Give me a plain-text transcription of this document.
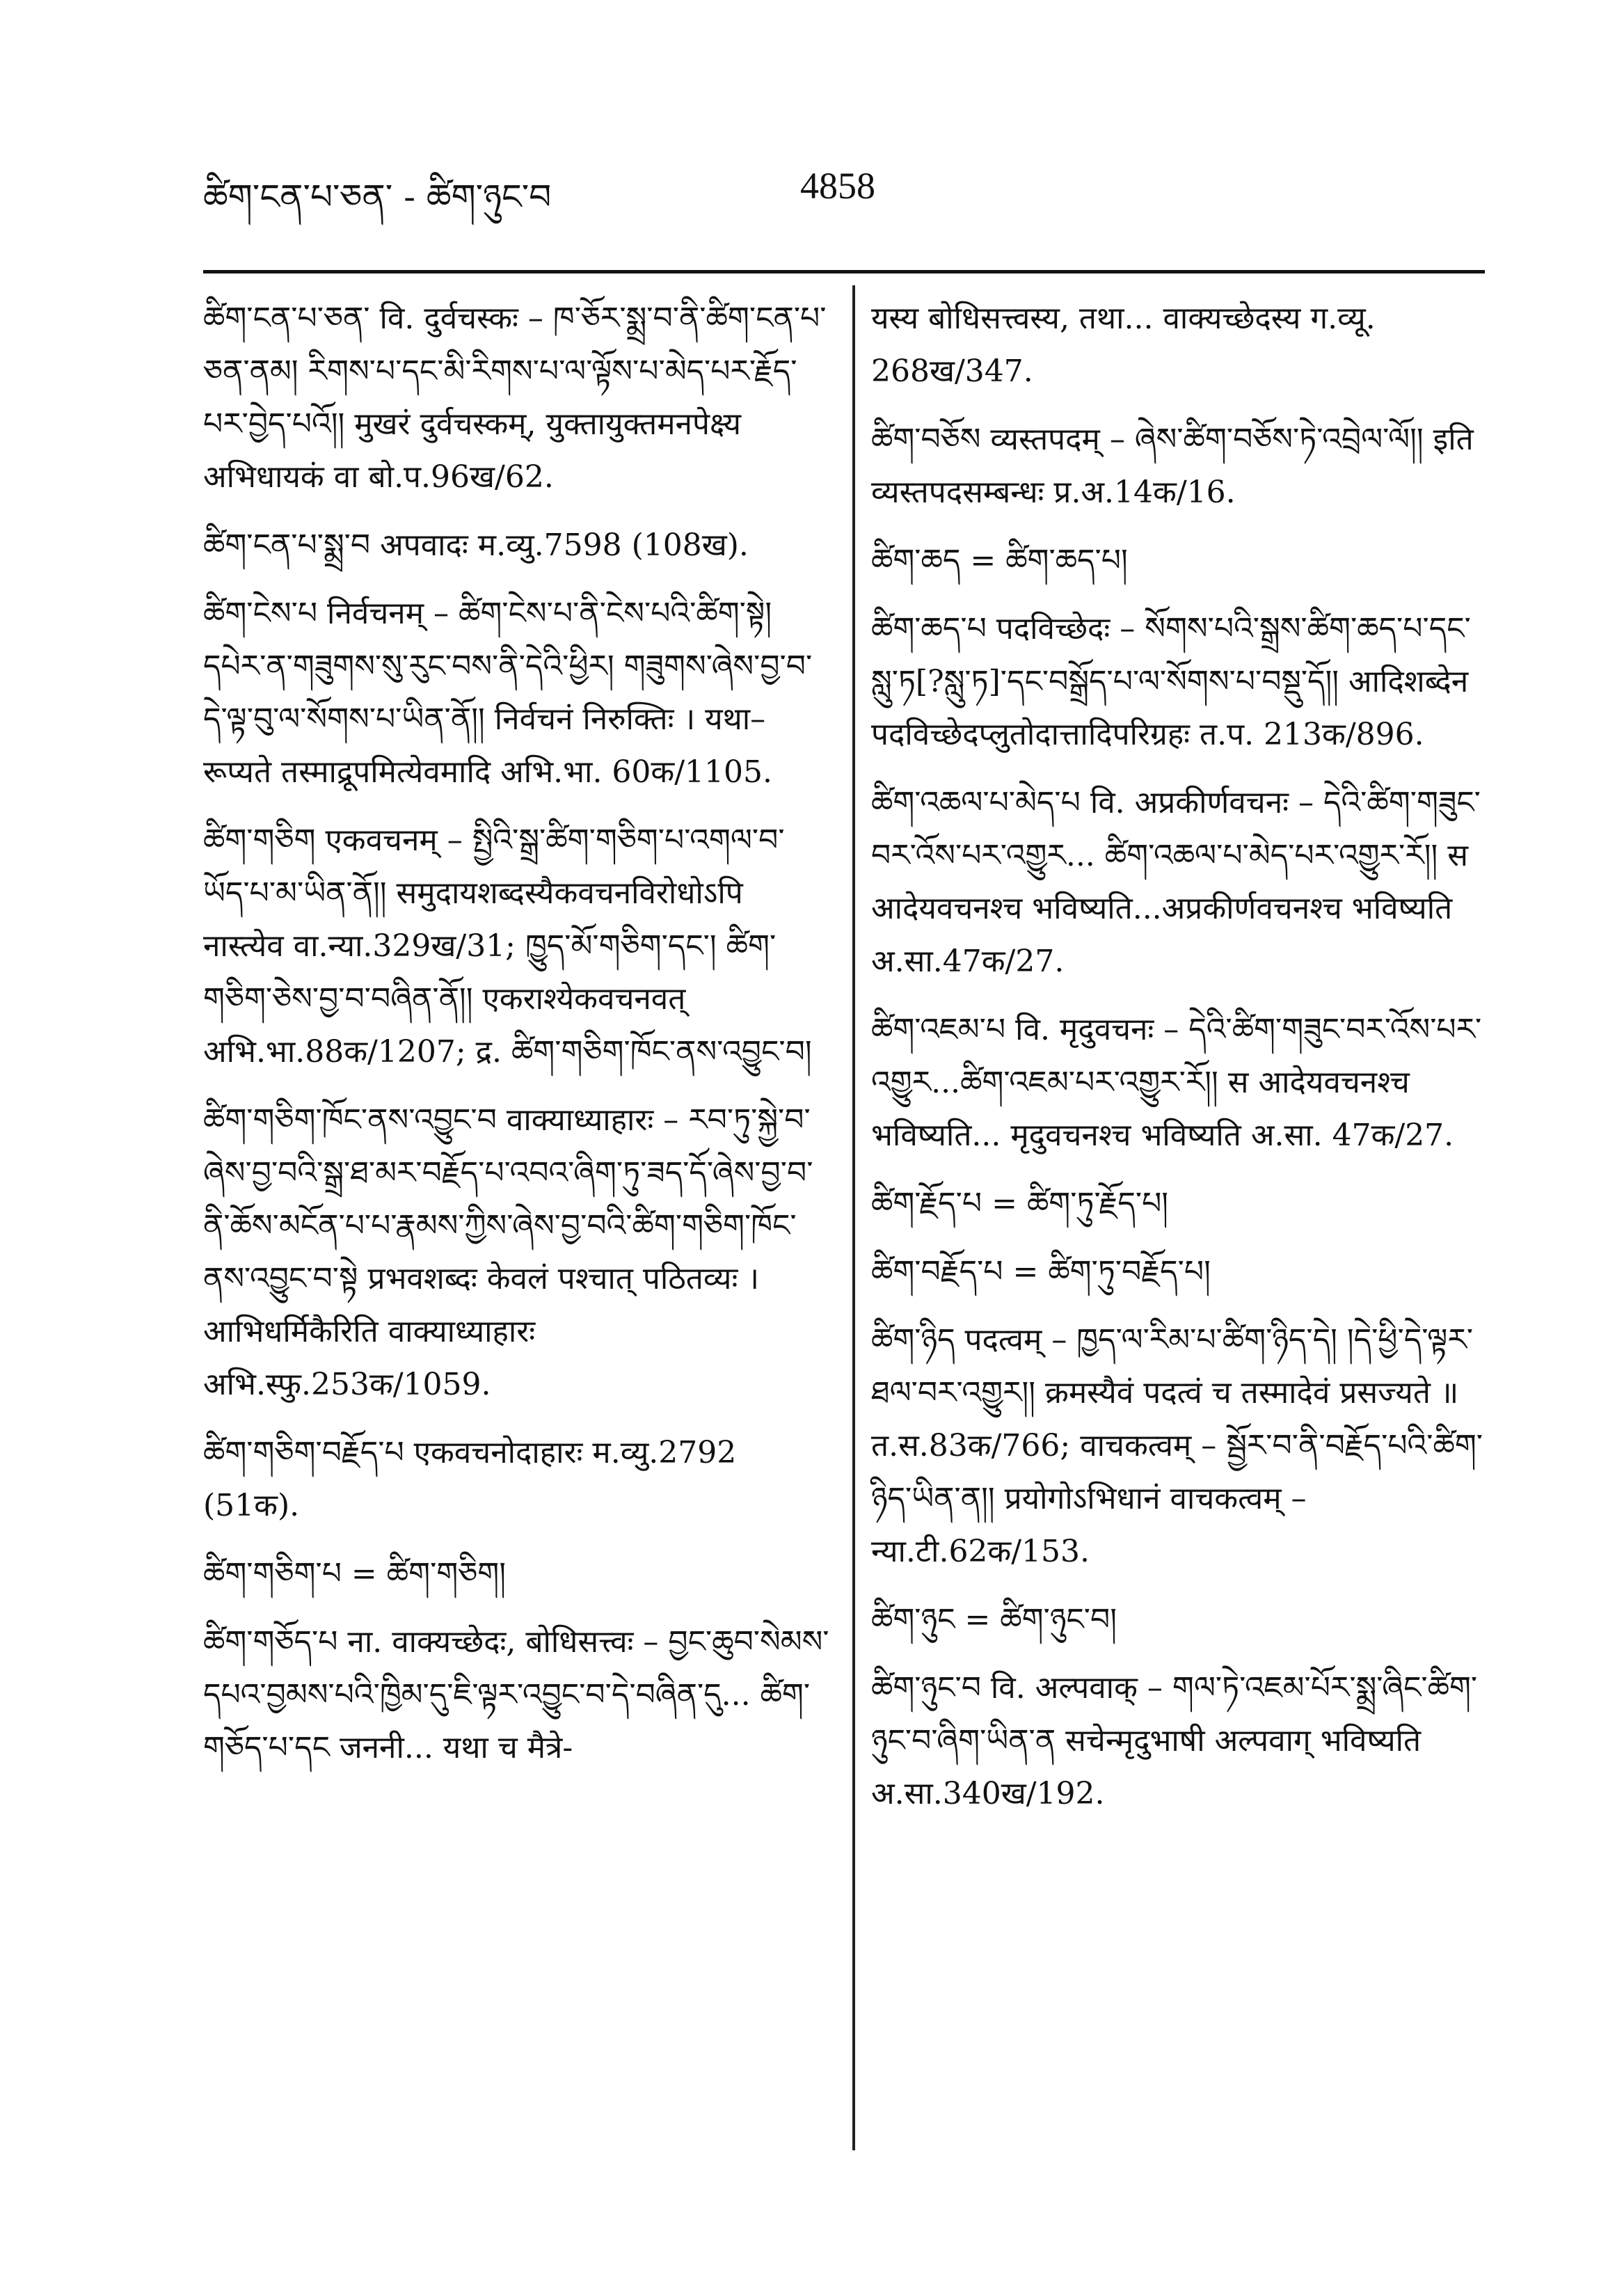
ཚིག་ངན་པ་ཅན་ - ཚིག་ཉུང་བ	4858

ཚིག་ངན་པ་ཅན་ वि. दुर्वचस्कः – ཁ་ཅོར་སྨྲ་བ་ནི་ཚིག་ངན་པ་ཅན་ནམ། རིགས་པ་དང་མི་རིགས་པ་ལ་ལྟོས་པ་མེད་པར་རྗོད་པར་བྱེད་པའོ།། मुखरं दुर्वचस्कम्, युक्तायुक्तमनपेक्ष्य अभिधायकं वा बो.प.96ख/62.

ཚིག་ངན་པ་སྨྲ་བ अपवादः म.व्यु.7598 (108ख).

ཚིག་ངེས་པ निर्वचनम् – ཚིག་ངེས་པ་ནི་ངེས་པའི་ཚིག་སྟེ། དཔེར་ན་གཟུགས་སུ་རུང་བས་ནི་དེའི་ཕྱིར། གཟུགས་ཞེས་བྱ་བ་དེ་ལྟ་བུ་ལ་སོགས་པ་ཡིན་ནོ།། निर्वचनं निरुक्तिः । यथा–रूप्यते तस्माद्रूपमित्येवमादि अभि.भा. 60क/1105.

ཚིག་གཅིག एकवचनम् – སྤྱིའི་སྒྲ་ཚིག་གཅིག་པ་འགལ་བ་ཡོད་པ་མ་ཡིན་ནོ།། समुदायशब्दस्यैकवचनविरोधोऽपि नास्त्येव वा.न्या.329ख/31; ཁྱུད་མོ་གཅིག་དང་། ཚིག་གཅིག་ཅེས་བྱ་བ་བཞིན་ནོ།། एकराश्येकवचनवत् अभि.भा.88क/1207; द्र. ཚིག་གཅིག་ཁོང་ནས་འབྱུང་བ།

ཚིག་གཅིག་ཁོང་ནས་འབྱུང་བ वाक्याध्याहारः – རབ་ཏུ་སྐྱེ་བ་ཞེས་བྱ་བའི་སྒྲ་ཐ་མར་བརྗོད་པ་འབའ་ཞིག་ཏུ་ཟད་དོ་ཞེས་བྱ་བ་ནི་ཆོས་མངོན་པ་པ་རྣམས་ཀྱིས་ཞེས་བྱ་བའི་ཚིག་གཅིག་ཁོང་ནས་འབྱུང་བ་སྟེ प्रभवशब्दः केवलं पश्चात् पठितव्यः । आभिधर्मिकैरिति वाक्याध्याहारः अभि.स्फु.253क/1059.

ཚིག་གཅིག་བརྗོད་པ एकवचनोदाहारः म.व्यु.2792 (51क).

ཚིག་གཅིག་པ = ཚིག་གཅིག།

ཚིག་གཅོད་པ ना. वाक्यच्छेदः, बोधिसत्त्वः – བྱང་ཆུབ་སེམས་དཔའ་བྱམས་པའི་ཁྱིམ་དུ་ཇི་ལྟར་འབྱུང་བ་དེ་བཞིན་དུ... ཚིག་གཅོད་པ་དང जननी... यथा च मैत्रे-

यस्य बोधिसत्त्वस्य, तथा... वाक्यच्छेदस्य ग.व्यू. 268ख/347.

ཚིག་བཅོས व्यस्तपदम् – ཞེས་ཚིག་བཅོས་ཏེ་འབྲེལ་ལོ།། इति व्यस्तपदसम्बन्धः प्र.अ.14क/16.

ཚིག་ཆད = ཚིག་ཆད་པ།

ཚིག་ཆད་པ पदविच्छेदः – སོགས་པའི་སྒྲས་ཚིག་ཆད་པ་དང་སླུ་ཏ[?སླུ་ཏ]་དང་བསྒྲོད་པ་ལ་སོགས་པ་བསྡུ་དོ།། आदिशब्देन पदविच्छेदप्लुतोदात्तादिपरिग्रहः त.प. 213क/896.

ཚིག་འཆལ་པ་མེད་པ वि. अप्रकीर्णवचनः – དེའི་ཚིག་གཟུང་བར་འོས་པར་འགྱུར... ཚིག་འཆལ་པ་མེད་པར་འགྱུར་རོ།། स आदेयवचनश्च भविष्यति...अप्रकीर्णवचनश्च भविष्यति अ.सा.47क/27.

ཚིག་འཇམ་པ वि. मृदुवचनः – དེའི་ཚིག་གཟུང་བར་འོས་པར་འགྱུར...ཚིག་འཇམ་པར་འགྱུར་རོ།། स आदेयवचनश्च भविष्यति... मृदुवचनश्च भविष्यति अ.सा. 47क/27.

ཚིག་རྗོད་པ = ཚིག་ཏུ་རྗོད་པ།

ཚིག་བརྗོད་པ = ཚིག་ཏུ་བརྗོད་པ།

ཚིག་ཉིད पदत्वम् – ཁྱད་ལ་རིམ་པ་ཚིག་ཉིད་དེ། །དེ་ཕྱི་དེ་ལྟར་ཐལ་བར་འགྱུར།། क्रमस्यैवं पदत्वं च तस्मादेवं प्रसज्यते ॥ त.स.83क/766; वाचकत्वम् – སྦྱོར་བ་ནི་བརྗོད་པའི་ཚིག་ཉིད་ཡིན་ན།། प्रयोगोऽभिधानं वाचकत्वम् –न्या.टी.62क/153.

ཚིག་ཉུང = ཚིག་ཉུང་བ།

ཚིག་ཉུང་བ वि. अल्पवाक् – གལ་ཏེ་འཇམ་པོར་སྨྲ་ཞིང་ཚིག་ཉུང་བ་ཞིག་ཡིན་ན सचेन्मृदुभाषी अल्पवाग् भविष्यति अ.सा.340ख/192.
